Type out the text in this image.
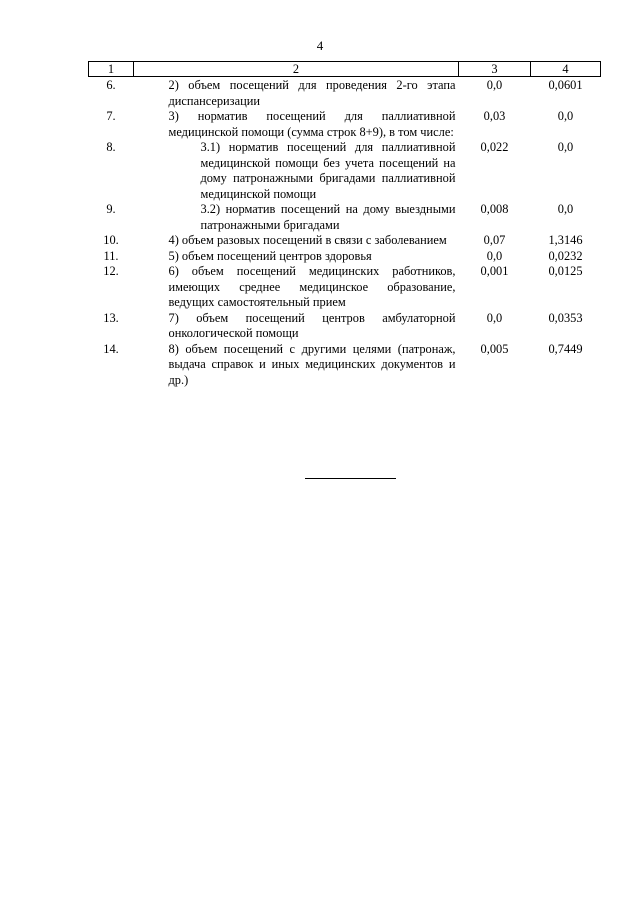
4
1	2	3	4
6.	2) объем посещений для проведения 2-го этапа диспансеризации	0,0	0,0601
7.	3) норматив посещений для паллиативной медицинской помощи (сумма строк 8+9), в том числе:	0,03	0,0
8.	3.1) норматив посещений для паллиативной медицинской помощи без учета посещений на дому патронажными бригадами паллиативной медицинской помощи	0,022	0,0
9.	3.2) норматив посещений на дому выездными патронажными бригадами	0,008	0,0
10.	4) объем разовых посещений в связи с заболеванием	0,07	1,3146
11.	5) объем посещений центров здоровья	0,0	0,0232
12.	6) объем посещений медицинских работников, имеющих среднее медицинское образование, ведущих самостоятельный прием	0,001	0,0125
13.	7) объем посещений центров амбулаторной онкологической помощи	0,0	0,0353
14.	8) объем посещений с другими целями (патронаж, выдача справок и иных медицинских документов и др.)	0,005	0,7449
